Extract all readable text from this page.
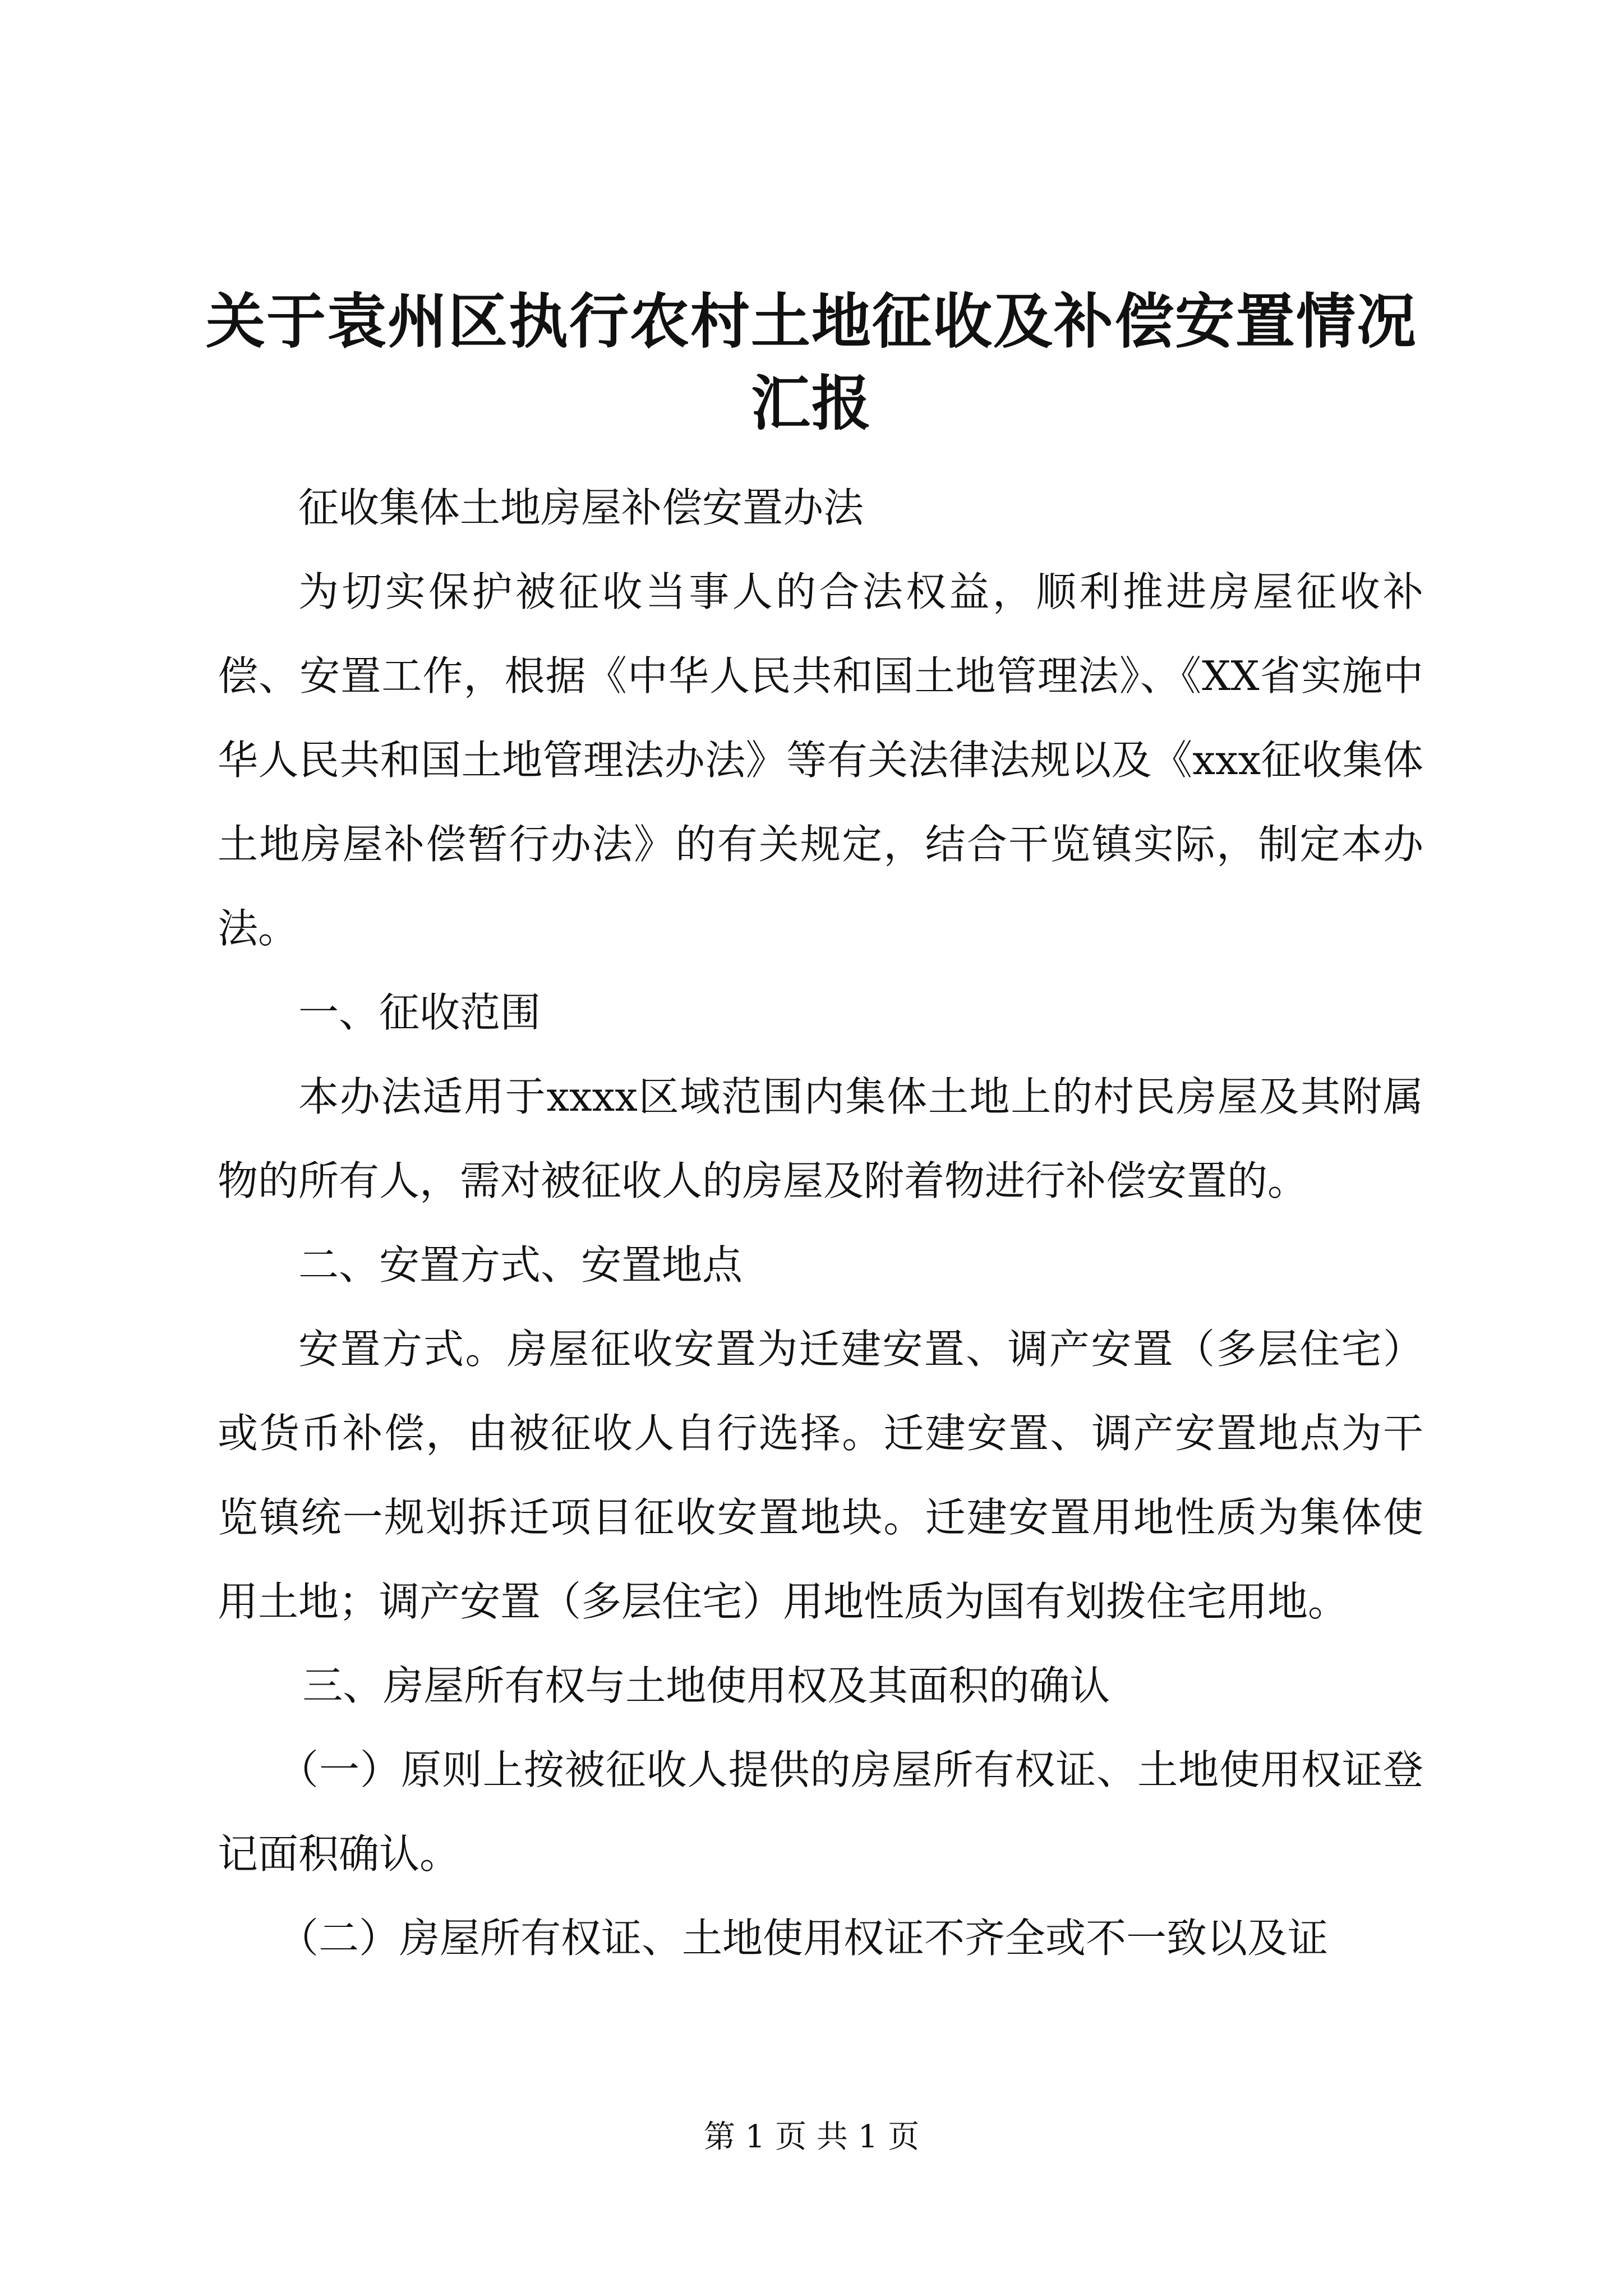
关于袁州区执行农村土地征收及补偿安置情况
汇报

征收集体土地房屋补偿安置办法

为切实保护被征收当事人的合法权益，顺利推进房屋征收补偿、安置工作，根据《中华人民共和国土地管理法》、《XX省实施中华人民共和国土地管理法办法》等有关法律法规以及《xxx征收集体土地房屋补偿暂行办法》的有关规定，结合干览镇实际，制定本办法。

一、征收范围

本办法适用于xxxx区域范围内集体土地上的村民房屋及其附属物的所有人，需对被征收人的房屋及附着物进行补偿安置的。

二、安置方式、安置地点

安置方式。房屋征收安置为迁建安置、调产安置（多层住宅）或货币补偿，由被征收人自行选择。迁建安置、调产安置地点为干览镇统一规划拆迁项目征收安置地块。迁建安置用地性质为集体使用土地；调产安置（多层住宅）用地性质为国有划拨住宅用地。

三、房屋所有权与土地使用权及其面积的确认

（一）原则上按被征收人提供的房屋所有权证、土地使用权证登记面积确认。

（二）房屋所有权证、土地使用权证不齐全或不一致以及证

第 1 页 共 1 页
